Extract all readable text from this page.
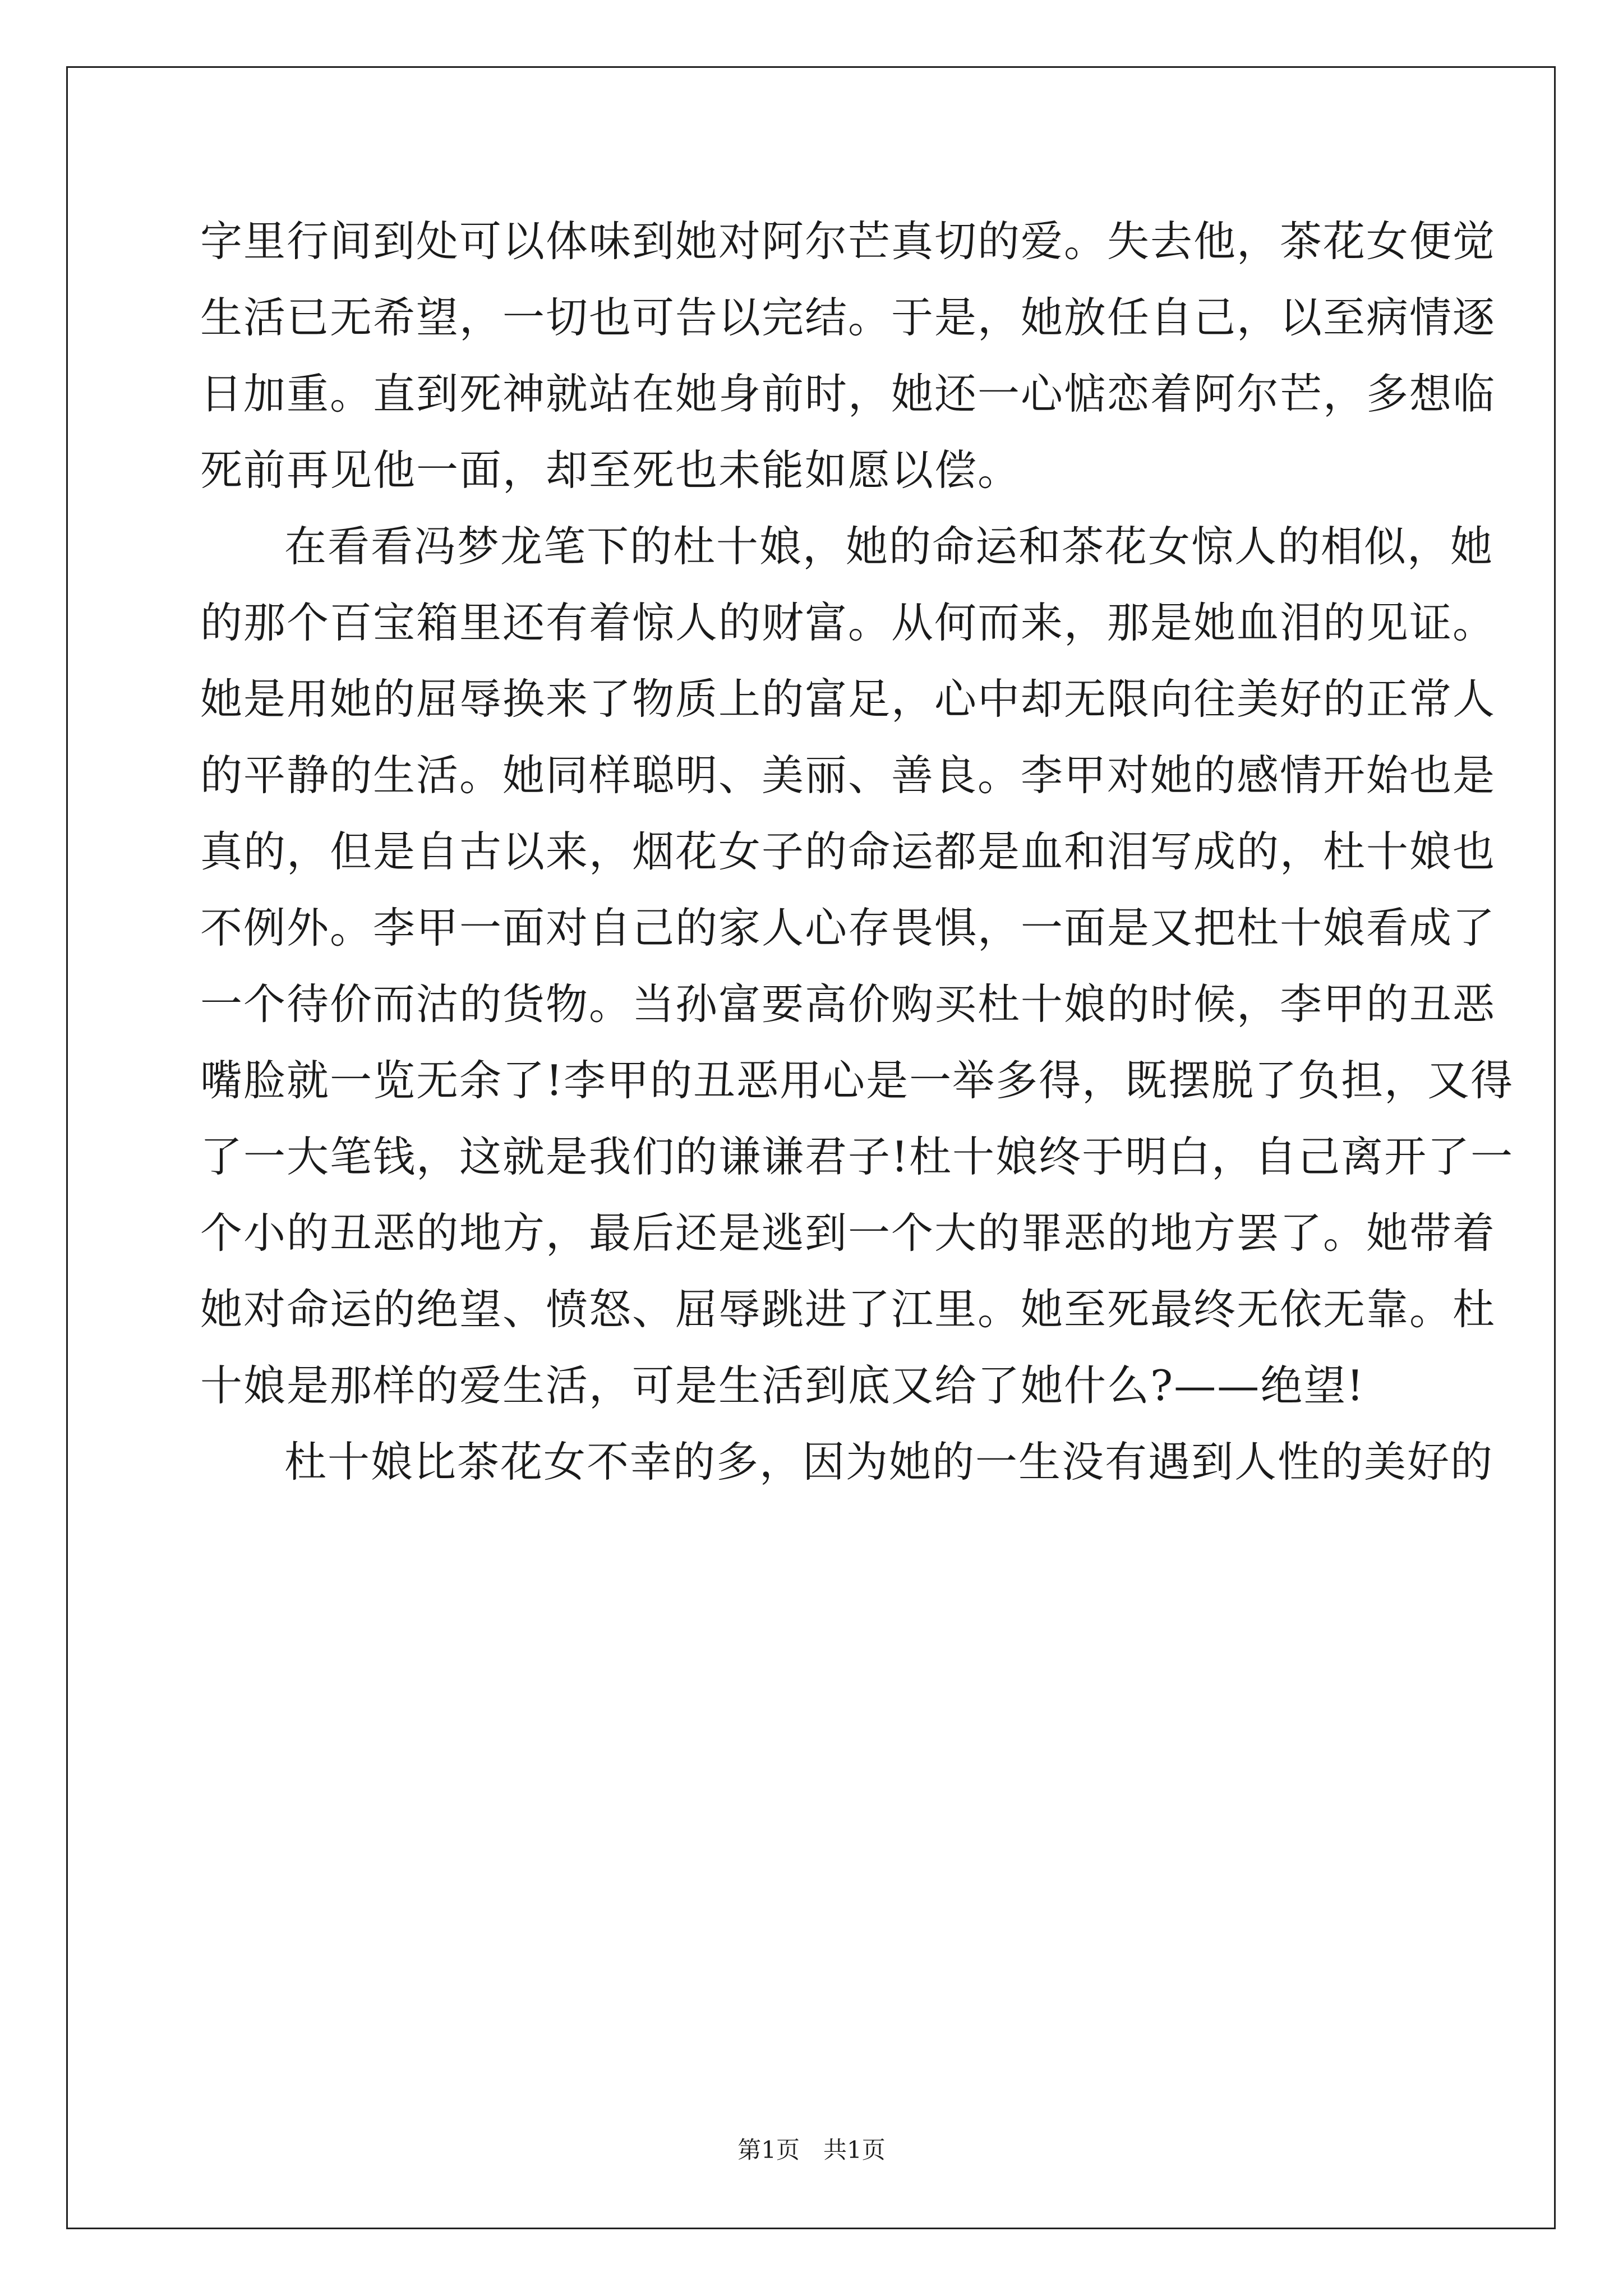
字里行间到处可以体味到她对阿尔芒真切的爱。失去他，茶花女便觉
生活已无希望，一切也可告以完结。于是，她放任自己，以至病情逐
日加重。直到死神就站在她身前时，她还一心惦恋着阿尔芒，多想临
死前再见他一面，却至死也未能如愿以偿。
在看看冯梦龙笔下的杜十娘，她的命运和茶花女惊人的相似，她
的那个百宝箱里还有着惊人的财富。从何而来，那是她血泪的见证。
她是用她的屈辱换来了物质上的富足，心中却无限向往美好的正常人
的平静的生活。她同样聪明、美丽、善良。李甲对她的感情开始也是
真的，但是自古以来，烟花女子的命运都是血和泪写成的，杜十娘也
不例外。李甲一面对自己的家人心存畏惧，一面是又把杜十娘看成了
一个待价而沽的货物。当孙富要高价购买杜十娘的时候，李甲的丑恶
嘴脸就一览无余了!李甲的丑恶用心是一举多得，既摆脱了负担，又得
了一大笔钱，这就是我们的谦谦君子!杜十娘终于明白，自己离开了一
个小的丑恶的地方，最后还是逃到一个大的罪恶的地方罢了。她带着
她对命运的绝望、愤怒、屈辱跳进了江里。她至死最终无依无靠。杜
十娘是那样的爱生活，可是生活到底又给了她什么?——绝望!
杜十娘比茶花女不幸的多，因为她的一生没有遇到人性的美好的
第1页　共1页
